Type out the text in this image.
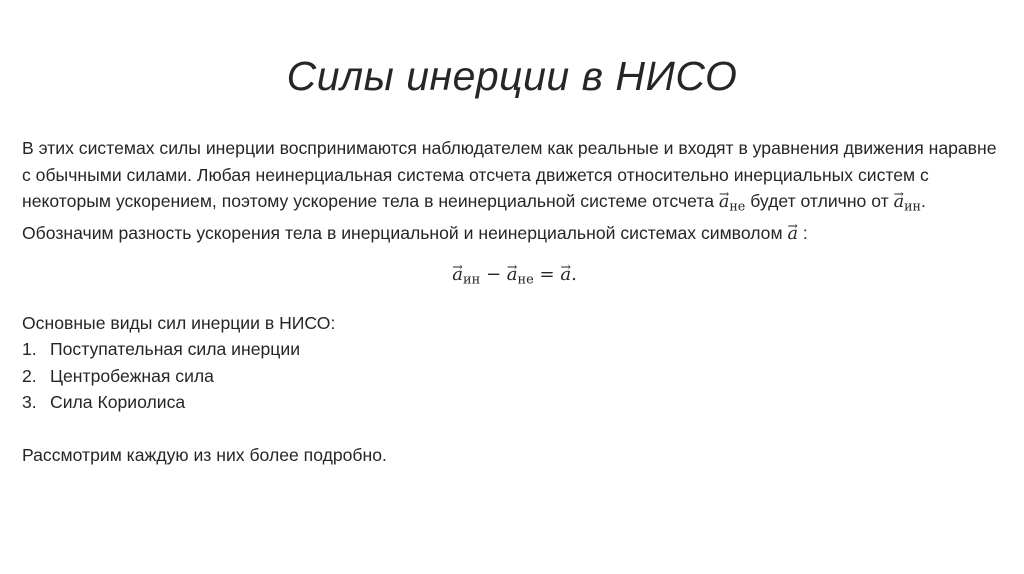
Силы инерции в НИСО

В этих системах силы инерции воспринимаются наблюдателем как реальные и входят в уравнения движения наравне с обычными силами. Любая неинерциальная система отсчета движется относительно инерциальных систем с некоторым ускорением, поэтому ускорение тела в неинерциальной системе отсчета → $a_{не}$ будет отлично от → $a_{ин}$.

Обозначим разность ускорения тела в инерциальной и неинерциальной системах символом → a :

→ $a_{ин}$ − → $a_{не}$ = → a.

Основные виды сил инерции в НИСО:

1. Поступательная сила инерции
2. Центробежная сила
3. Сила Кориолиса

Рассмотрим каждую из них более подробно.
